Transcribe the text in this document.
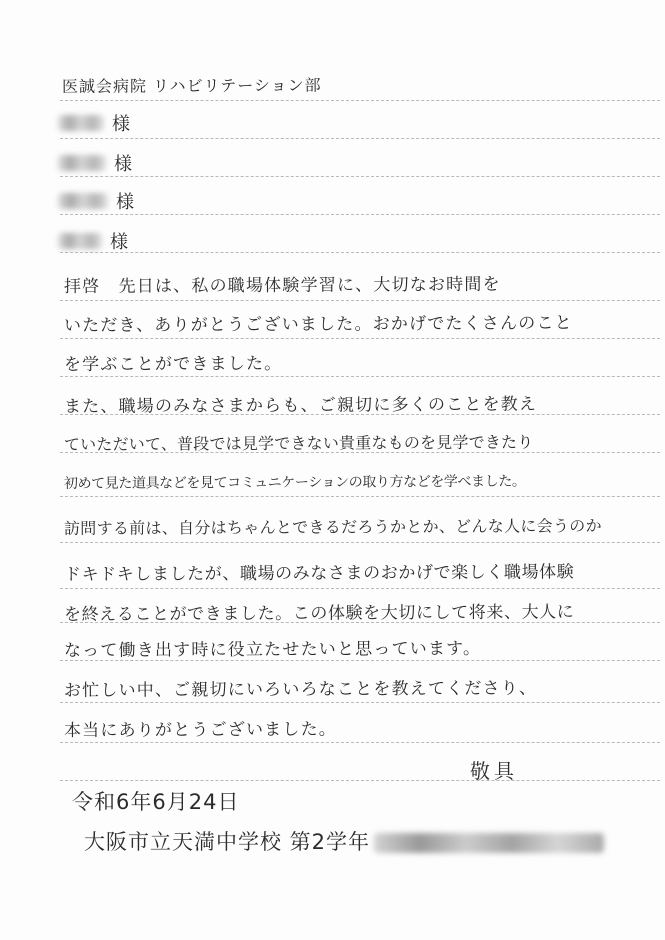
医誠会病院 リハビリテーション部
様
様
様
様
拝啓　先日は、私の職場体験学習に、大切なお時間を
いただき、ありがとうございました。おかげでたくさんのこと
を学ぶことができました。
また、職場のみなさまからも、ご親切に多くのことを教え
ていただいて、普段では見学できない貴重なものを見学できたり
初めて見た道具などを見てコミュニケーションの取り方などを学べました。
訪問する前は、自分はちゃんとできるだろうかとか、どんな人に会うのか
ドキドキしましたが、職場のみなさまのおかげで楽しく職場体験
を終えることができました。この体験を大切にして将来、大人に
なって働き出す時に役立たせたいと思っています。
お忙しい中、ご親切にいろいろなことを教えてくださり、
本当にありがとうございました。
敬具
令和6年6月24日
大阪市立天満中学校 第2学年
